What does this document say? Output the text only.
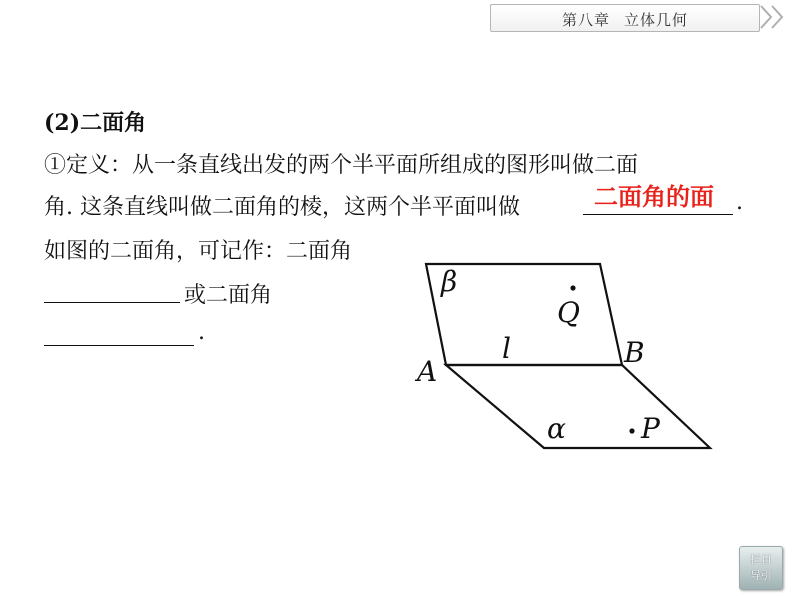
第八章 立体几何
(2)二面角
①定义：从一条直线出发的两个半平面所组成的图形叫做二面
角. 这条直线叫做二面角的棱，这两个半平面叫做	.
二面角的面
如图的二面角，可记作：二面角
或二面角
.
β
Q
l	B
A
α	P
栏目
导引
